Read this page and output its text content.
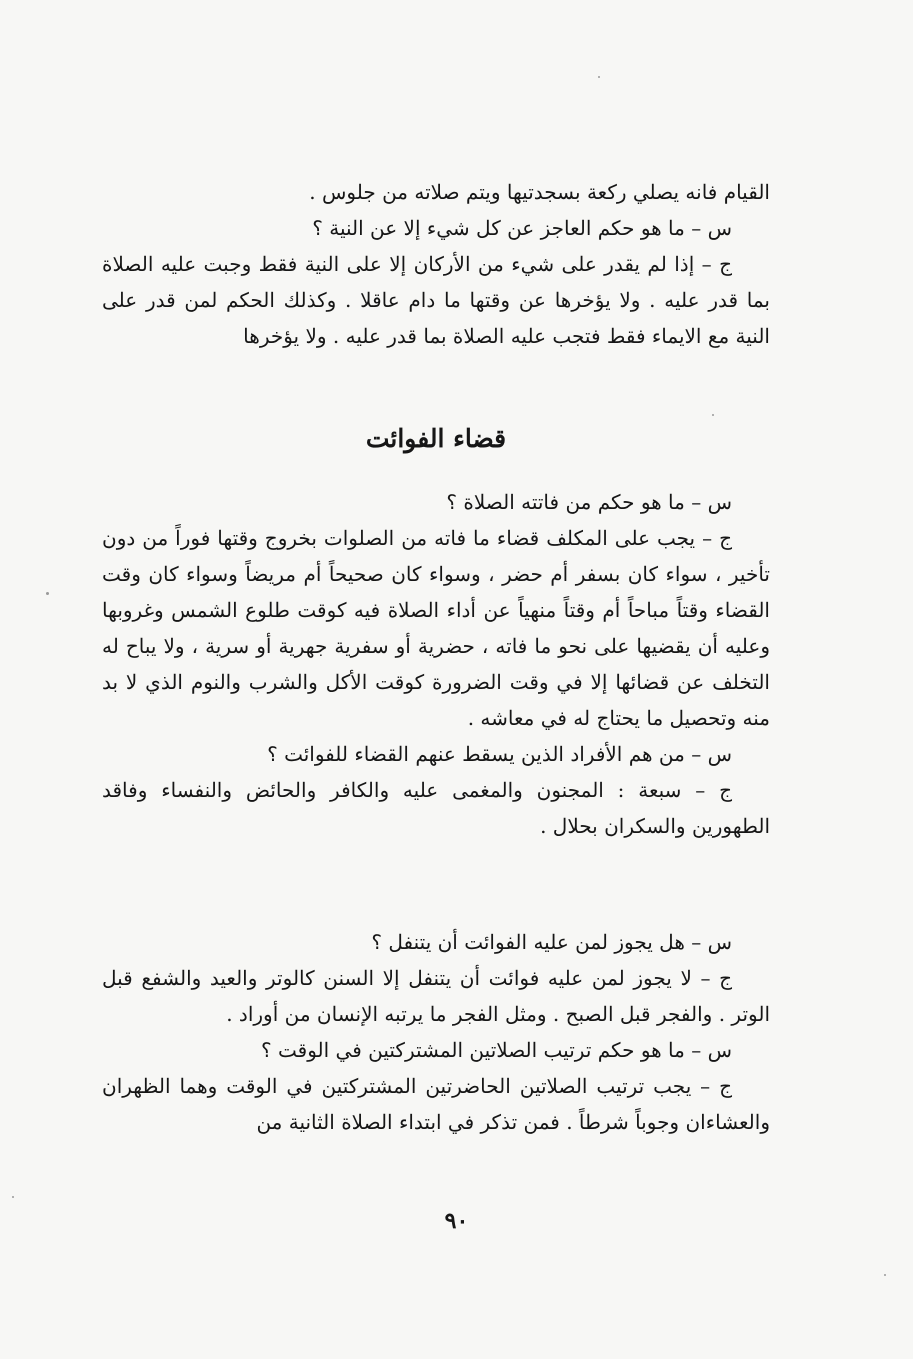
القيام فانه يصلي ركعة بسجدتيها ويتم صلاته من جلوس .

س – ما هو حكم العاجز عن كل شيء إلا عن النية ؟

ج – إذا لم يقدر على شيء من الأركان إلا على النية فقط وجبت عليه الصلاة بما قدر عليه . ولا يؤخرها عن وقتها ما دام عاقلا . وكذلك الحكم لمن قدر على النية مع الايماء فقط فتجب عليه الصلاة بما قدر عليه . ولا يؤخرها

قضاء الفوائت

س – ما هو حكم من فاتته الصلاة ؟

ج – يجب على المكلف قضاء ما فاته من الصلوات بخروج وقتها فوراً من دون تأخير ، سواء كان بسفر أم حضر ، وسواء كان صحيحاً أم مريضاً وسواء كان وقت القضاء وقتاً مباحاً أم وقتاً منهياً عن أداء الصلاة فيه كوقت طلوع الشمس وغروبها وعليه أن يقضيها على نحو ما فاته ، حضرية أو سفرية جهرية أو سرية ، ولا يباح له التخلف عن قضائها إلا في وقت الضرورة كوقت الأكل والشرب والنوم الذي لا بد منه وتحصيل ما يحتاج له في معاشه .

س – من هم الأفراد الذين يسقط عنهم القضاء للفوائت ؟

ج – سبعة : المجنون والمغمى عليه والكافر والحائض والنفساء وفاقد الطهورين والسكران بحلال .

س – هل يجوز لمن عليه الفوائت أن يتنفل ؟

ج – لا يجوز لمن عليه فوائت أن يتنفل إلا السنن كالوتر والعيد والشفع قبل الوتر . والفجر قبل الصبح . ومثل الفجر ما يرتبه الإنسان من أوراد .

س – ما هو حكم ترتيب الصلاتين المشتركتين في الوقت ؟

ج – يجب ترتيب الصلاتين الحاضرتين المشتركتين في الوقت وهما الظهران والعشاءان وجوباً شرطاً . فمن تذكر في ابتداء الصلاة الثانية من

٩٠
